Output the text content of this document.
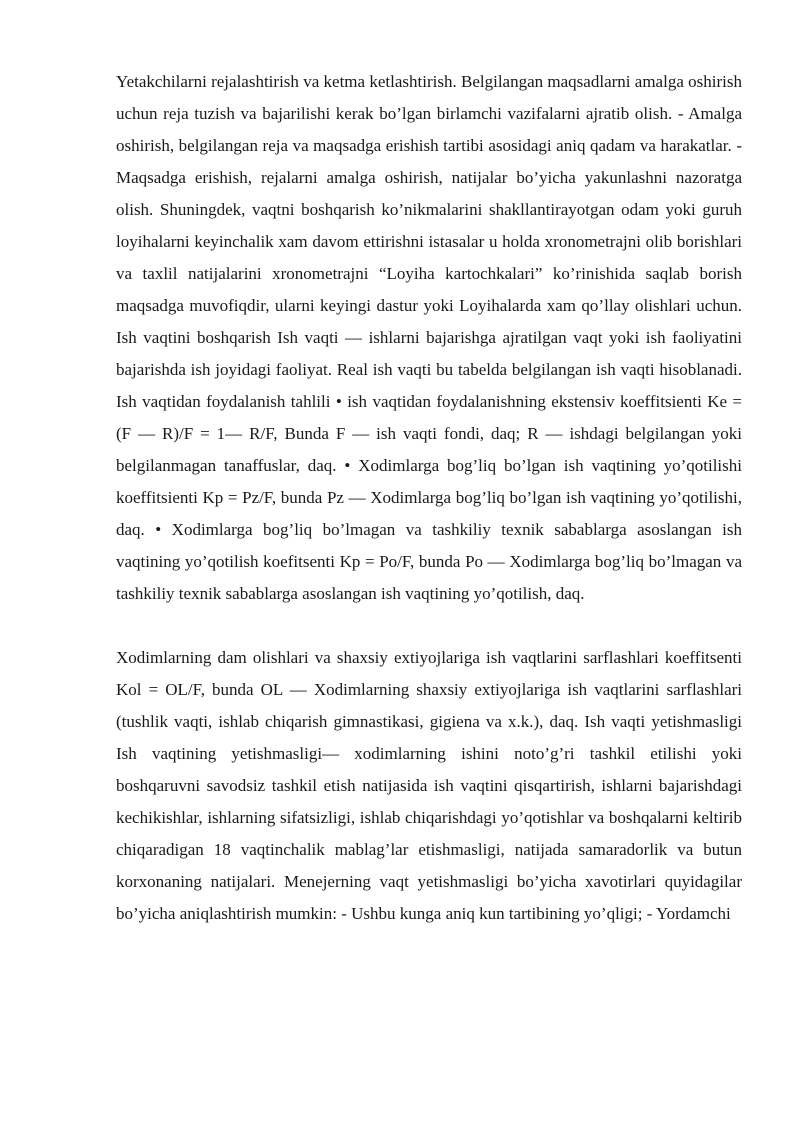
Yetakchilarni rejalashtirish va ketma ketlashtirish. Belgilangan maqsadlarni amalga oshirish uchun reja tuzish va bajarilishi kerak bo’lgan birlamchi vazifalarni ajratib olish. - Amalga oshirish, belgilangan reja va maqsadga erishish tartibi asosidagi aniq qadam va harakatlar. - Maqsadga erishish, rejalarni amalga oshirish, natijalar bo’yicha yakunlashni nazoratga olish. Shuningdek, vaqtni boshqarish ko’nikmalarini shakllantirayotgan odam yoki guruh loyihalarni keyinchalik xam davom ettirishni istasalar u holda xronometrajni olib borishlari va taxlil natijalarini xronometrajni “Loyiha kartochkalari” ko’rinishida saqlab borish maqsadga muvofiqdir, ularni keyingi dastur yoki Loyihalarda xam qo’llay olishlari uchun. Ish vaqtini boshqarish Ish vaqti — ishlarni bajarishga ajratilgan vaqt yoki ish faoliyatini bajarishda ish joyidagi faoliyat. Real ish vaqti bu tabelda belgilangan ish vaqti hisoblanadi. Ish vaqtidan foydalanish tahlili • ish vaqtidan foydalanishning ekstensiv koeffitsienti Ke = (F — R)/F = 1— R/F, Bunda F — ish vaqti fondi, daq; R — ishdagi belgilangan yoki belgilanmagan tanaffuslar, daq. • Xodimlarga bog’liq bo’lgan ish vaqtining yo’qotilishi koeffitsienti Kp = Pz/F, bunda Pz — Xodimlarga bog’liq bo’lgan ish vaqtining yo’qotilishi, daq. • Xodimlarga bog’liq bo’lmagan va tashkiliy texnik sabablarga asoslangan ish vaqtining yo’qotilish koefitsenti Kp = Po/F, bunda Po — Xodimlarga bog’liq bo’lmagan va tashkiliy texnik sabablarga asoslangan ish vaqtining yo’qotilish, daq.

Xodimlarning dam olishlari va shaxsiy extiyojlariga ish vaqtlarini sarflashlari koeffitsenti Kol = OL/F, bunda OL — Xodimlarning shaxsiy extiyojlariga ish vaqtlarini sarflashlari (tushlik vaqti, ishlab chiqarish gimnastikasi, gigiena va x.k.), daq. Ish vaqti yetishmasligi Ish vaqtining yetishmasligi— xodimlarning ishini noto’g’ri tashkil etilishi yoki boshqaruvni savodsiz tashkil etish natijasida ish vaqtini qisqartirish, ishlarni bajarishdagi kechikishlar, ishlarning sifatsizligi, ishlab chiqarishdagi yo’qotishlar va boshqalarni keltirib chiqaradigan 18 vaqtinchalik mablag’lar etishmasligi, natijada samaradorlik va butun korxonaning natijalari. Menejerning vaqt yetishmasligi bo’yicha xavotirlari quyidagilar bo’yicha aniqlashtirish mumkin: - Ushbu kunga aniq kun tartibining yo’qligi; - Yordamchi
